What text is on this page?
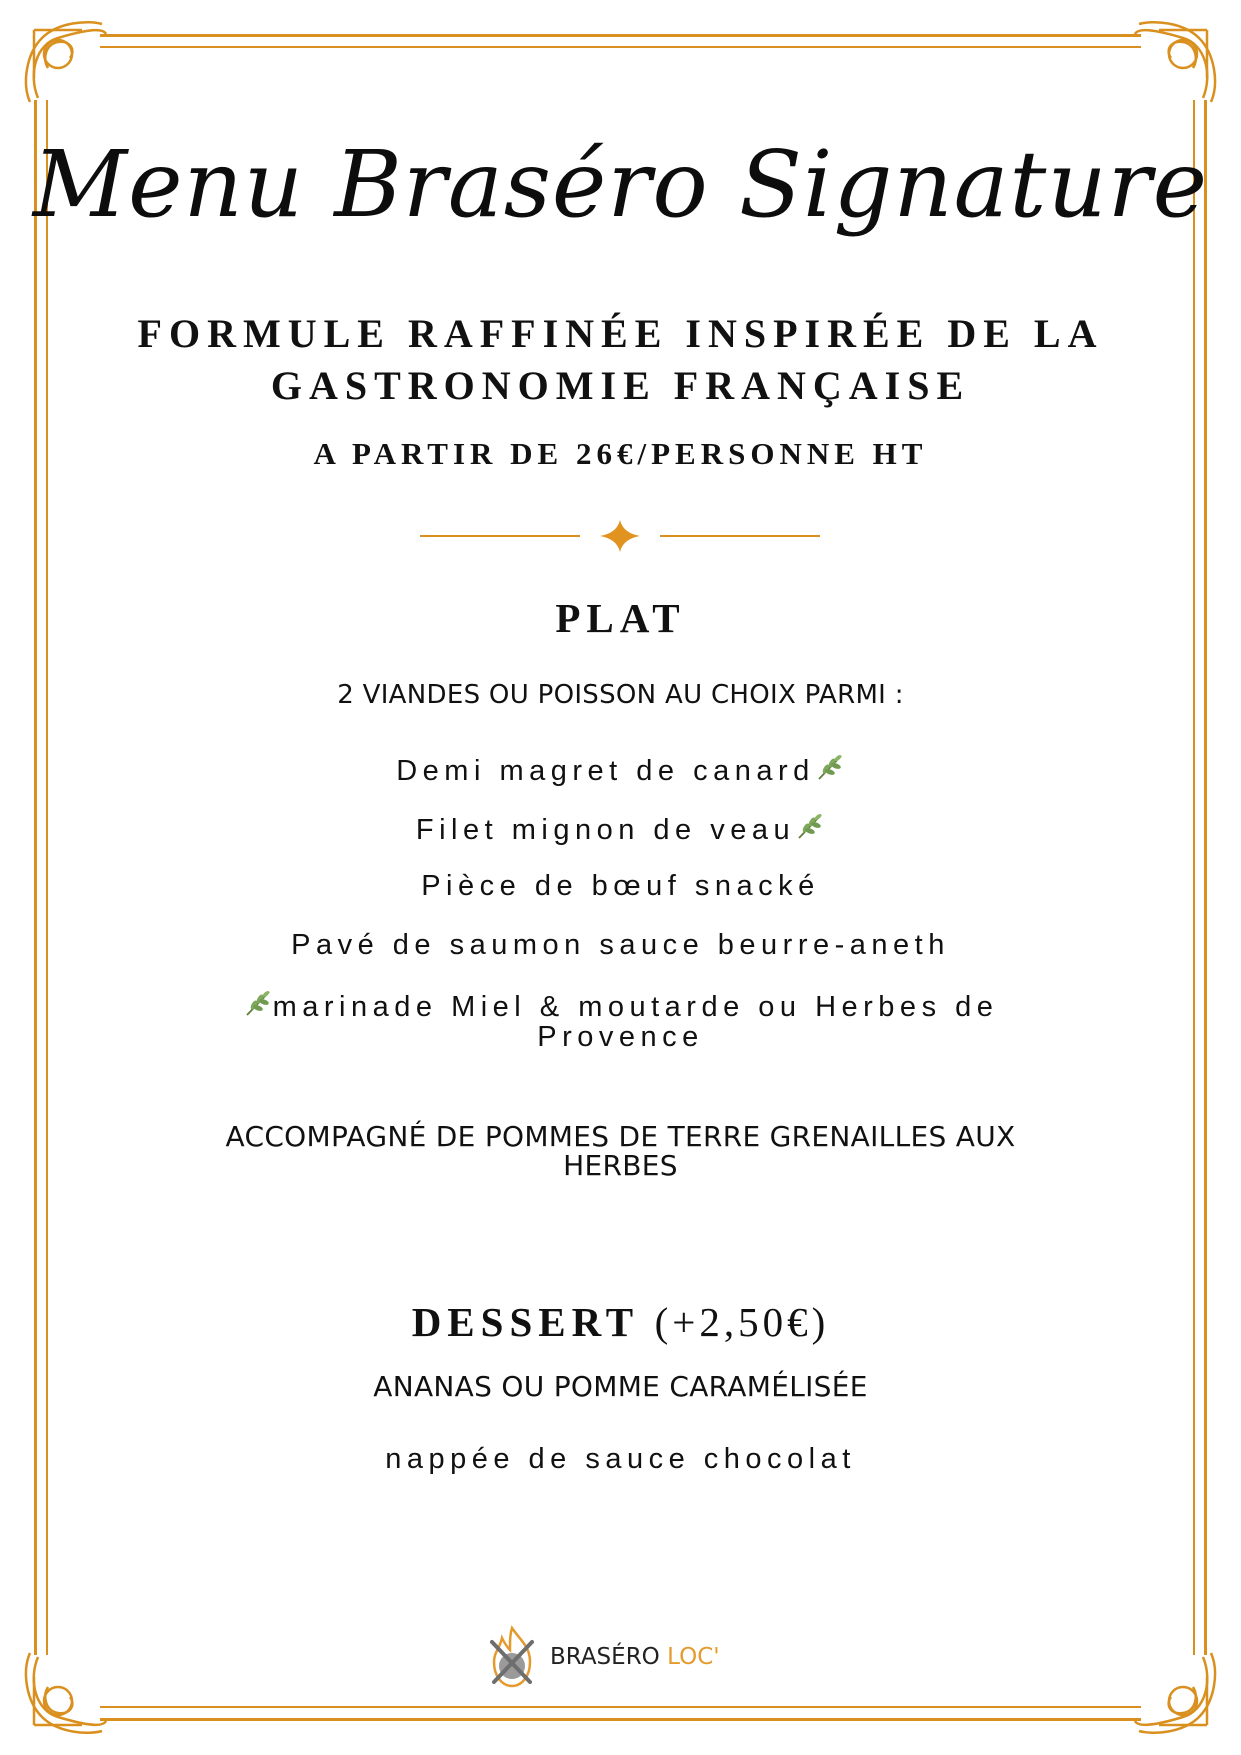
Menu Braséro Signature
FORMULE RAFFINÉE INSPIRÉE DE LA
GASTRONOMIE FRANÇAISE
A PARTIR DE 26€/PERSONNE HT
PLAT
2 VIANDES OU POISSON AU CHOIX PARMI :
Demi magret de canard
Filet mignon de veau
Pièce de bœuf snacké
Pavé de saumon sauce beurre-aneth
marinade Miel & moutarde ou Herbes de
Provence
ACCOMPAGNÉ DE POMMES DE TERRE GRENAILLES AUX
HERBES
DESSERT (+2,50€)
ANANAS OU POMME CARAMÉLISÉE
nappée de sauce chocolat
BRASÉRO LOC'
